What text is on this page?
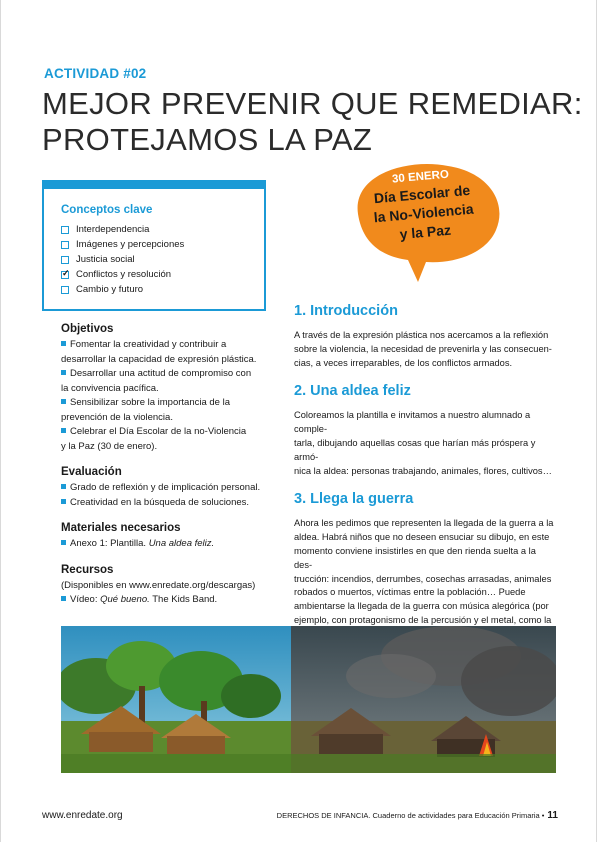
ACTIVIDAD #02
MEJOR PREVENIR QUE REMEDIAR:
PROTEJAMOS LA PAZ
30 ENERO
Día Escolar de
la No-Violencia
y la Paz
Conceptos clave
Interdependencia
Imágenes y percepciones
Justicia social
✓
Conflictos y resolución
Cambio y futuro
Objetivos
Fomentar la creatividad y contribuir a
desarrollar la capacidad de expresión plástica.
Desarrollar una actitud de compromiso con
la convivencia pacífica.
Sensibilizar sobre la importancia de la
prevención de la violencia.
Celebrar el Día Escolar de la no-Violencia
y la Paz (30 de enero).
Evaluación
Grado de reflexión y de implicación personal.
Creatividad en la búsqueda de soluciones.
Materiales necesarios
Anexo 1: Plantilla. Una aldea feliz.
Recursos
(Disponibles en www.enredate.org/descargas)
Vídeo: Qué bueno. The Kids Band.
1. Introducción
A través de la expresión plástica nos acercamos a la reflexión
sobre la violencia, la necesidad de prevenirla y las consecuen-
cias, a veces irreparables, de los conflictos armados.
2. Una aldea feliz
Coloreamos la plantilla e invitamos a nuestro alumnado a comple-
tarla, dibujando aquellas cosas que harían más próspera y armó-
nica la aldea: personas trabajando, animales, flores, cultivos…
3. Llega la guerra
Ahora les pedimos que representen la llegada de la guerra a la
aldea. Habrá niños que no deseen ensuciar su dibujo, en este
momento conviene insistirles en que den rienda suelta a la des-
trucción: incendios, derrumbes, cosechas arrasadas, animales
robados o muertos, víctimas entre la población… Puede
ambientarse la llegada de la guerra con música alegórica (por
ejemplo, con protagonismo de la percusión y el metal, como la
www.enredate.org	DERECHOS DE INFANCIA. Cuaderno de actividades para Educación Primaria • 11
